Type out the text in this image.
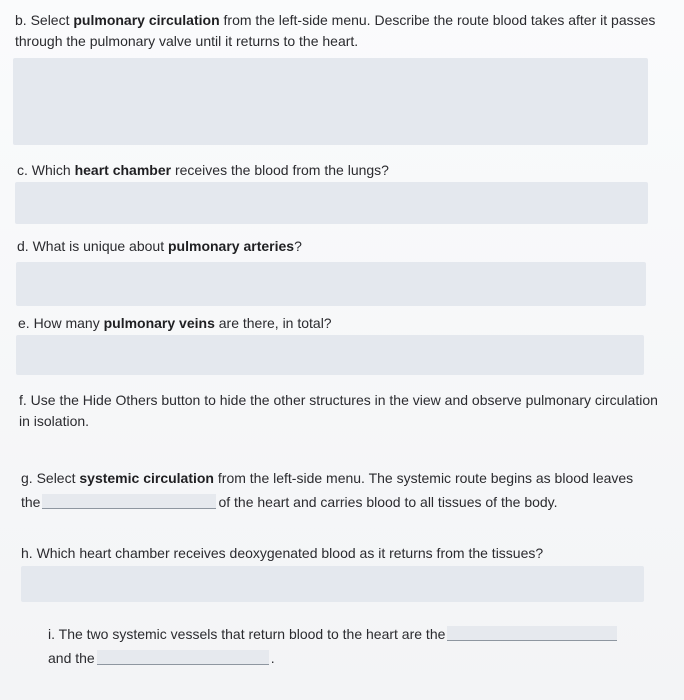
b. Select pulmonary circulation from the left-side menu. Describe the route blood takes after it passes through the pulmonary valve until it returns to the heart.
c. Which heart chamber receives the blood from the lungs?
d. What is unique about pulmonary arteries?
e. How many pulmonary veins are there, in total?
f. Use the Hide Others button to hide the other structures in the view and observe pulmonary circulation in isolation.
g. Select systemic circulation from the left-side menu. The systemic route begins as blood leaves the	of the heart and carries blood to all tissues of the body.
h. Which heart chamber receives deoxygenated blood as it returns from the tissues?
i. The two systemic vessels that return blood to the heart are the
and the	.
